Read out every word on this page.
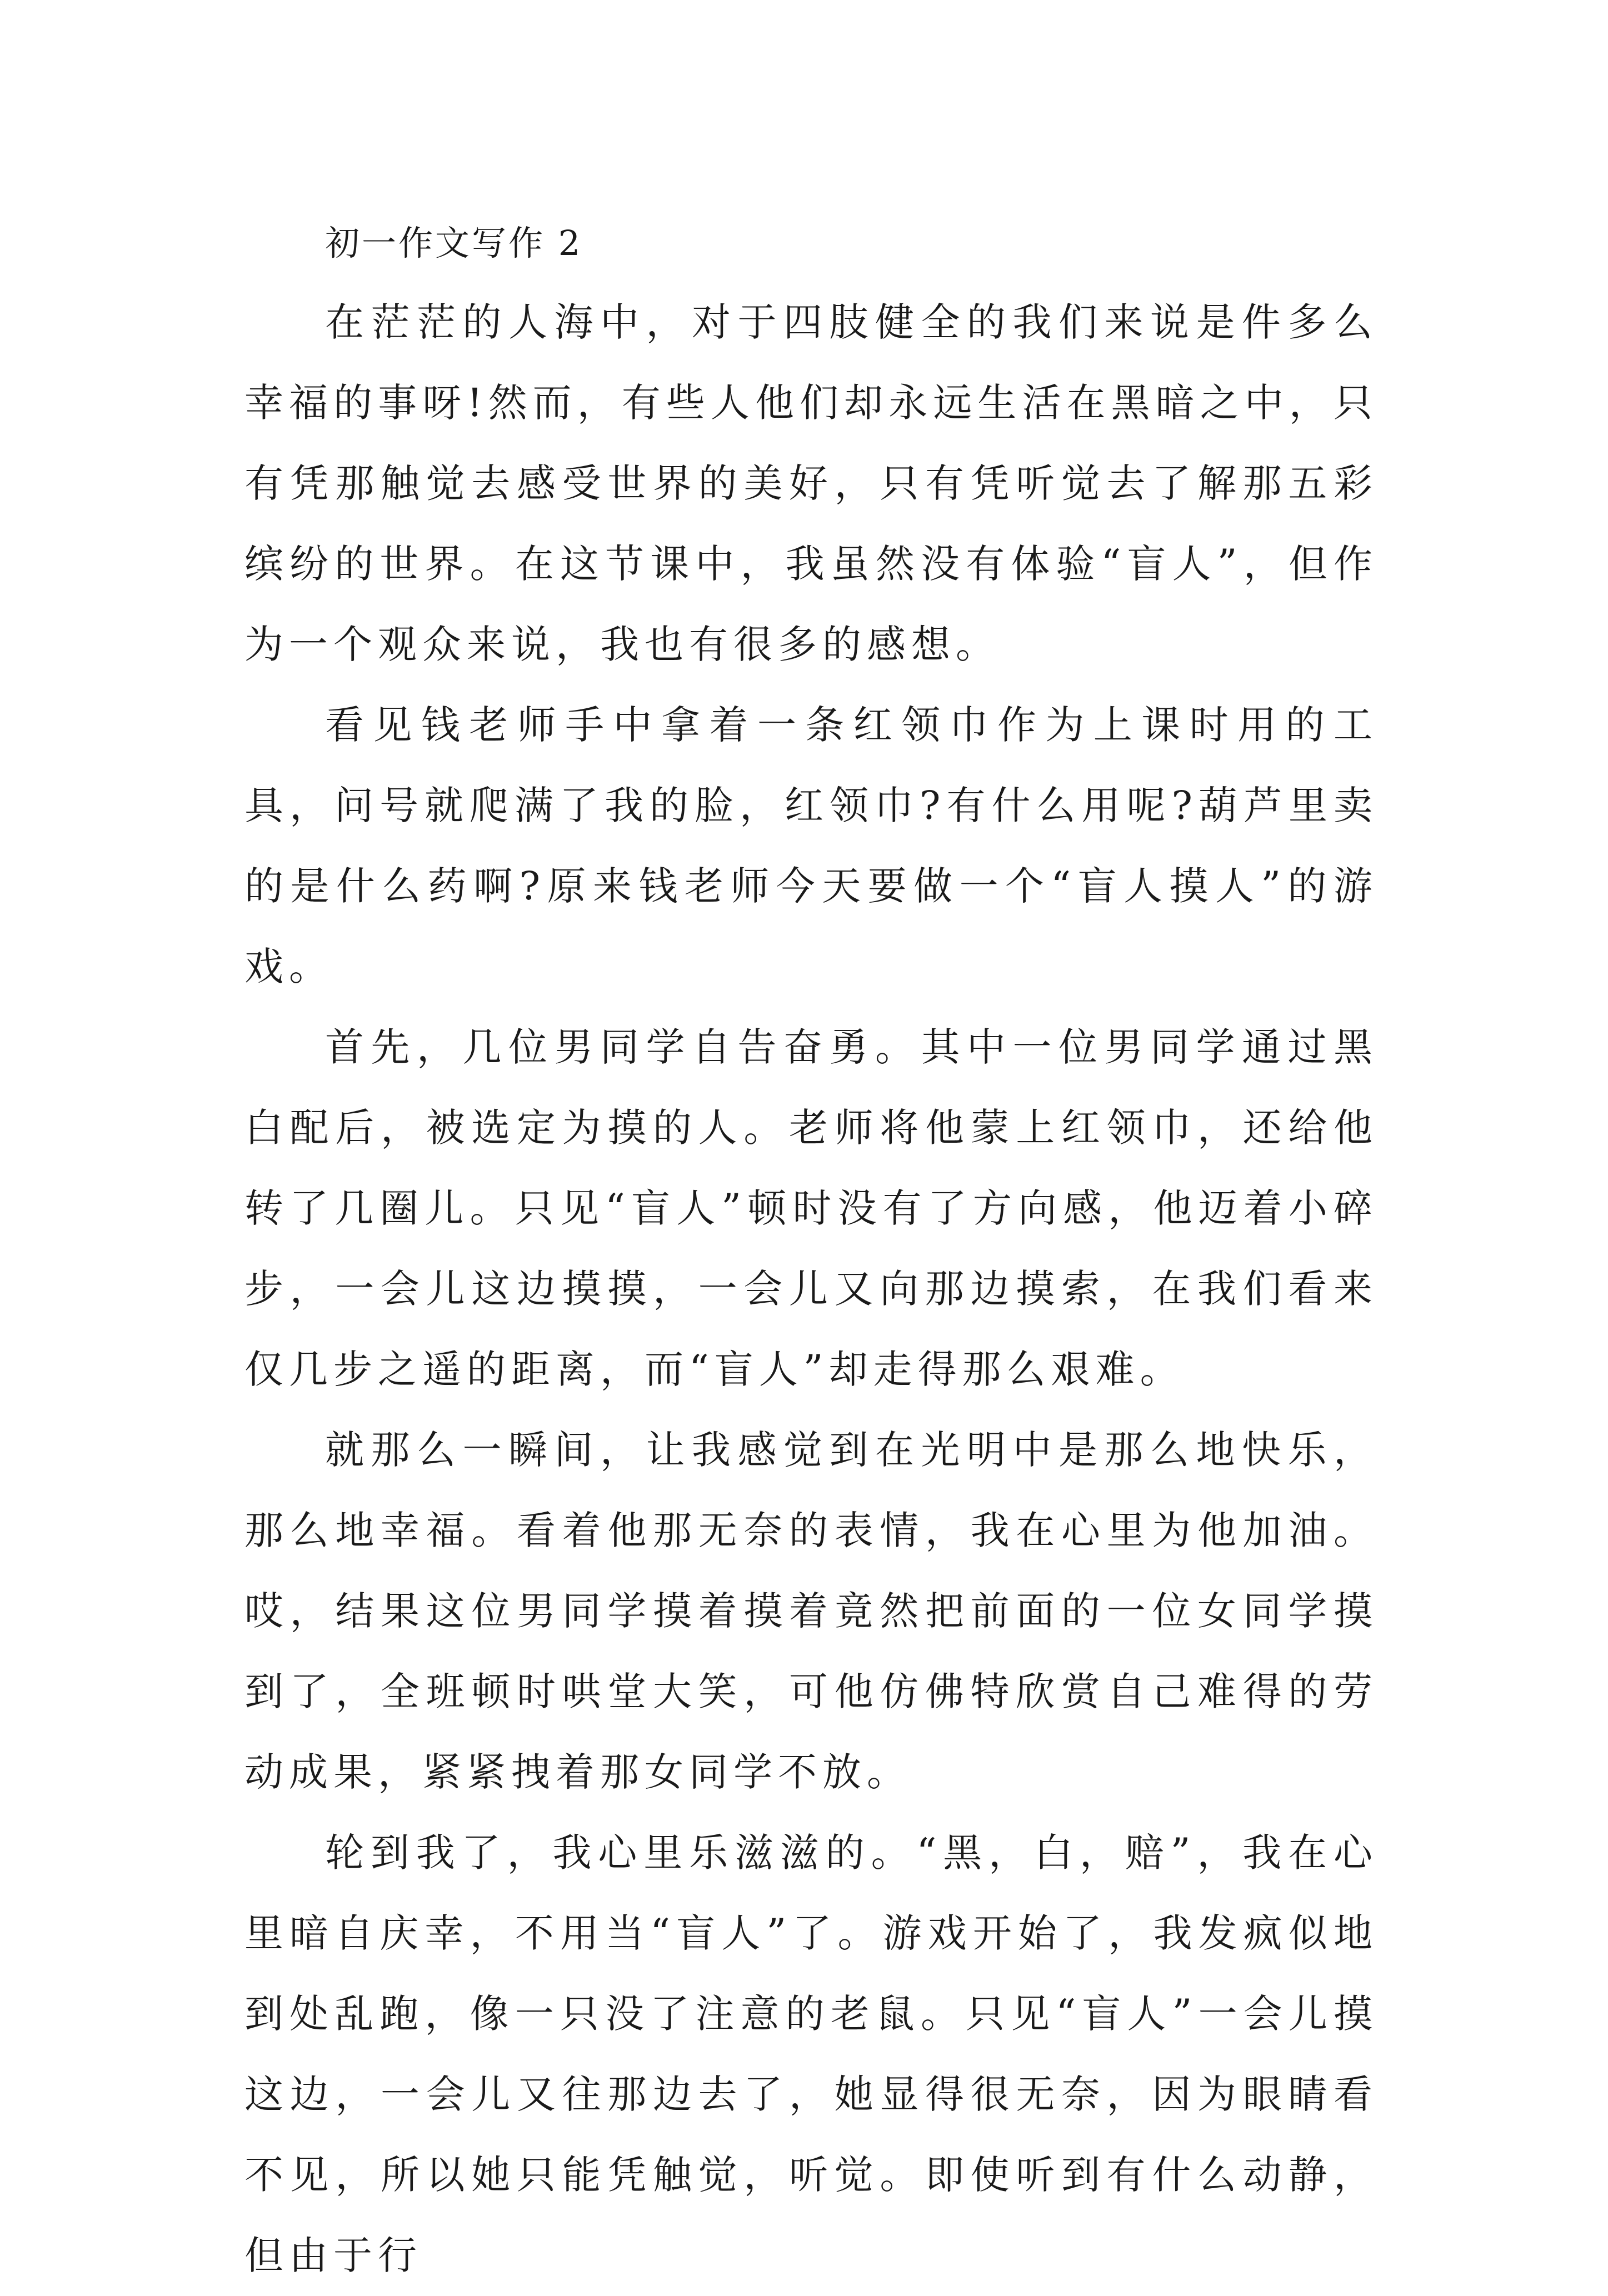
初一作文写作 2

在茫茫的人海中，对于四肢健全的我们来说是件多么幸福的事呀!然而，有些人他们却永远生活在黑暗之中，只有凭那触觉去感受世界的美好，只有凭听觉去了解那五彩缤纷的世界。在这节课中，我虽然没有体验“盲人”，但作为一个观众来说，我也有很多的感想。

看见钱老师手中拿着一条红领巾作为上课时用的工具，问号就爬满了我的脸，红领巾?有什么用呢?葫芦里卖的是什么药啊?原来钱老师今天要做一个“盲人摸人”的游戏。

首先，几位男同学自告奋勇。其中一位男同学通过黑白配后，被选定为摸的人。老师将他蒙上红领巾，还给他转了几圈儿。只见“盲人”顿时没有了方向感，他迈着小碎步，一会儿这边摸摸，一会儿又向那边摸索，在我们看来仅几步之遥的距离，而“盲人”却走得那么艰难。

就那么一瞬间，让我感觉到在光明中是那么地快乐，那么地幸福。看着他那无奈的表情，我在心里为他加油。哎，结果这位男同学摸着摸着竟然把前面的一位女同学摸到了，全班顿时哄堂大笑，可他仿佛特欣赏自己难得的劳动成果，紧紧拽着那女同学不放。

轮到我了，我心里乐滋滋的。“黑，白，赔”，我在心里暗自庆幸，不用当“盲人”了。游戏开始了，我发疯似地到处乱跑，像一只没了注意的老鼠。只见“盲人”一会儿摸这边，一会儿又往那边去了，她显得很无奈，因为眼睛看不见，所以她只能凭触觉，听觉。即使听到有什么动静，但由于行
